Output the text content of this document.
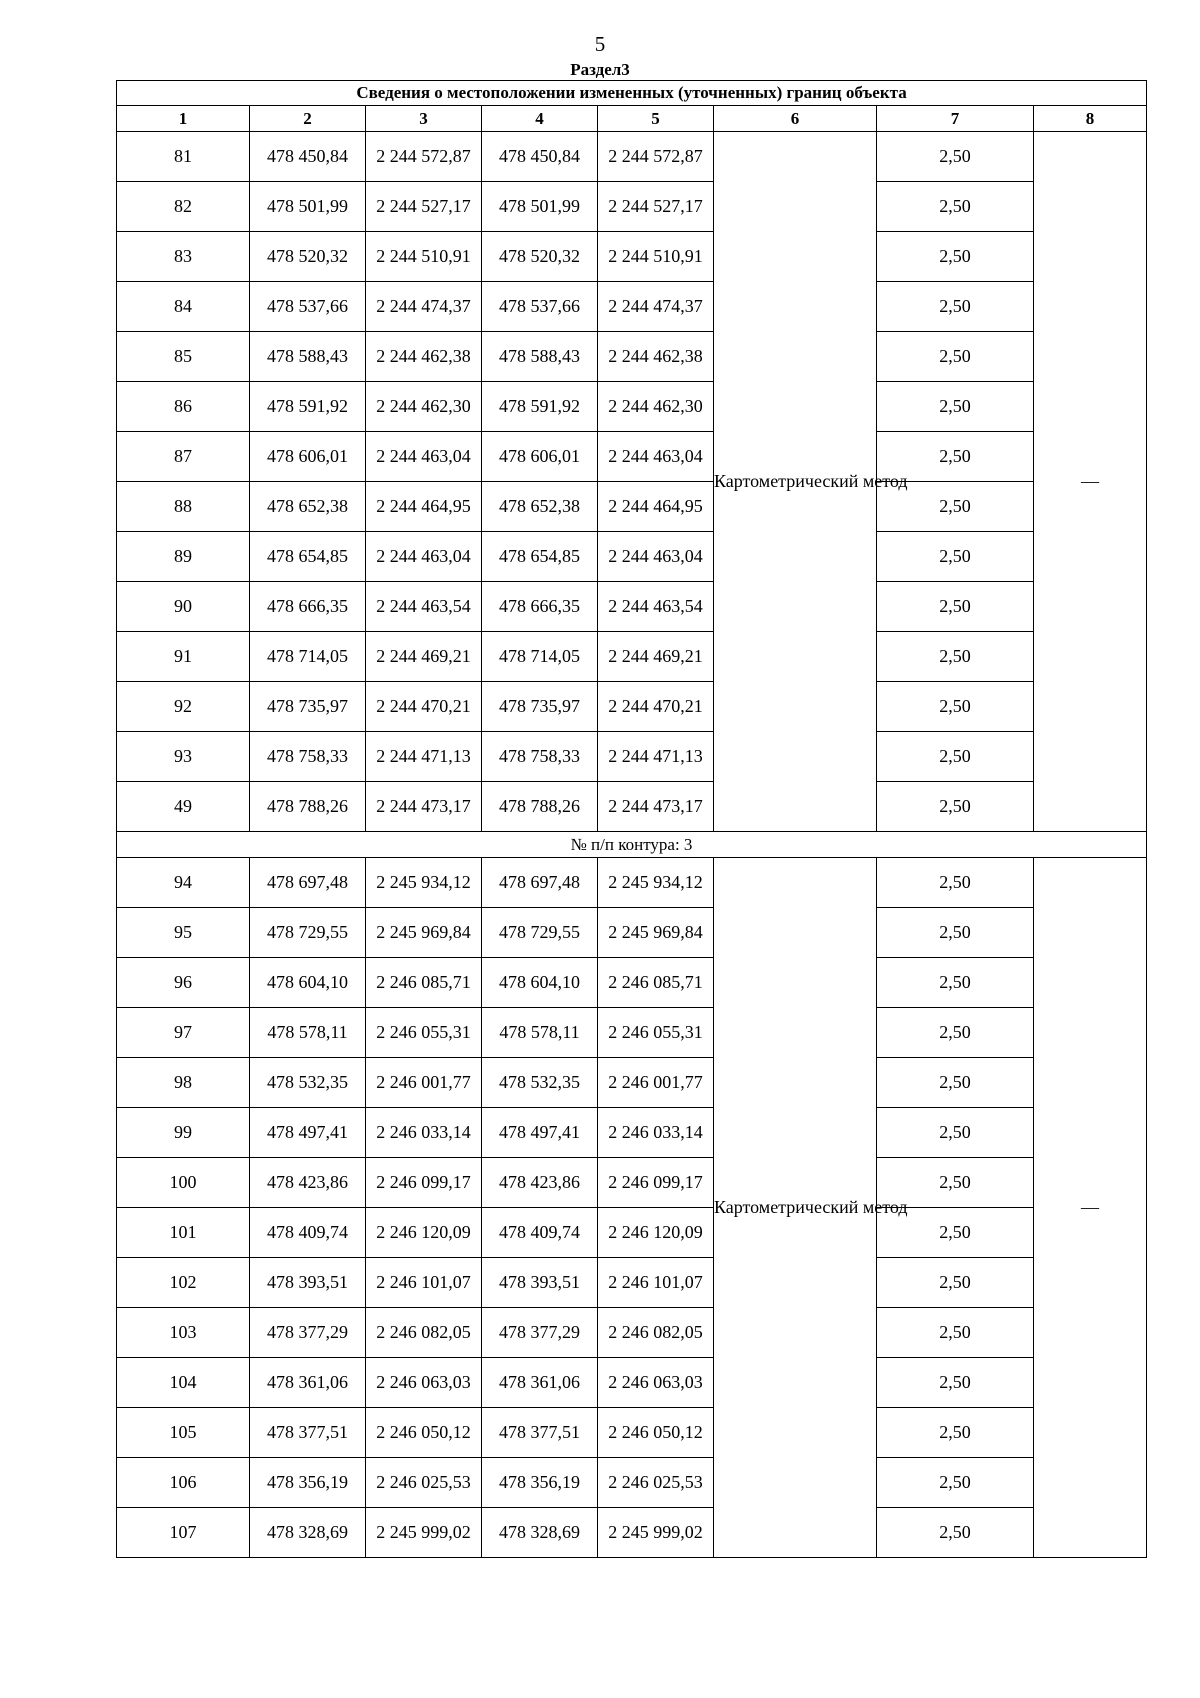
5
Раздел3
Сведения о местоположении измененных (уточненных) границ объекта							
1	2	3	4	5	6	7	8
81	478 450,84	2 244 572,87	478 450,84	2 244 572,87	Картометрический метод	2,50	—
82	478 501,99	2 244 527,17	478 501,99	2 244 527,17		2,50	
83	478 520,32	2 244 510,91	478 520,32	2 244 510,91		2,50	
84	478 537,66	2 244 474,37	478 537,66	2 244 474,37		2,50	
85	478 588,43	2 244 462,38	478 588,43	2 244 462,38		2,50	
86	478 591,92	2 244 462,30	478 591,92	2 244 462,30		2,50	
87	478 606,01	2 244 463,04	478 606,01	2 244 463,04		2,50	
88	478 652,38	2 244 464,95	478 652,38	2 244 464,95		2,50	
89	478 654,85	2 244 463,04	478 654,85	2 244 463,04		2,50	
90	478 666,35	2 244 463,54	478 666,35	2 244 463,54		2,50	
91	478 714,05	2 244 469,21	478 714,05	2 244 469,21		2,50	
92	478 735,97	2 244 470,21	478 735,97	2 244 470,21		2,50	
93	478 758,33	2 244 471,13	478 758,33	2 244 471,13		2,50	
49	478 788,26	2 244 473,17	478 788,26	2 244 473,17		2,50	
№ п/п контура: 3							
94	478 697,48	2 245 934,12	478 697,48	2 245 934,12	Картометрический метод	2,50	—
95	478 729,55	2 245 969,84	478 729,55	2 245 969,84		2,50	
96	478 604,10	2 246 085,71	478 604,10	2 246 085,71		2,50	
97	478 578,11	2 246 055,31	478 578,11	2 246 055,31		2,50	
98	478 532,35	2 246 001,77	478 532,35	2 246 001,77		2,50	
99	478 497,41	2 246 033,14	478 497,41	2 246 033,14		2,50	
100	478 423,86	2 246 099,17	478 423,86	2 246 099,17		2,50	
101	478 409,74	2 246 120,09	478 409,74	2 246 120,09		2,50	
102	478 393,51	2 246 101,07	478 393,51	2 246 101,07		2,50	
103	478 377,29	2 246 082,05	478 377,29	2 246 082,05		2,50	
104	478 361,06	2 246 063,03	478 361,06	2 246 063,03		2,50	
105	478 377,51	2 246 050,12	478 377,51	2 246 050,12		2,50	
106	478 356,19	2 246 025,53	478 356,19	2 246 025,53		2,50	
107	478 328,69	2 245 999,02	478 328,69	2 245 999,02		2,50	
